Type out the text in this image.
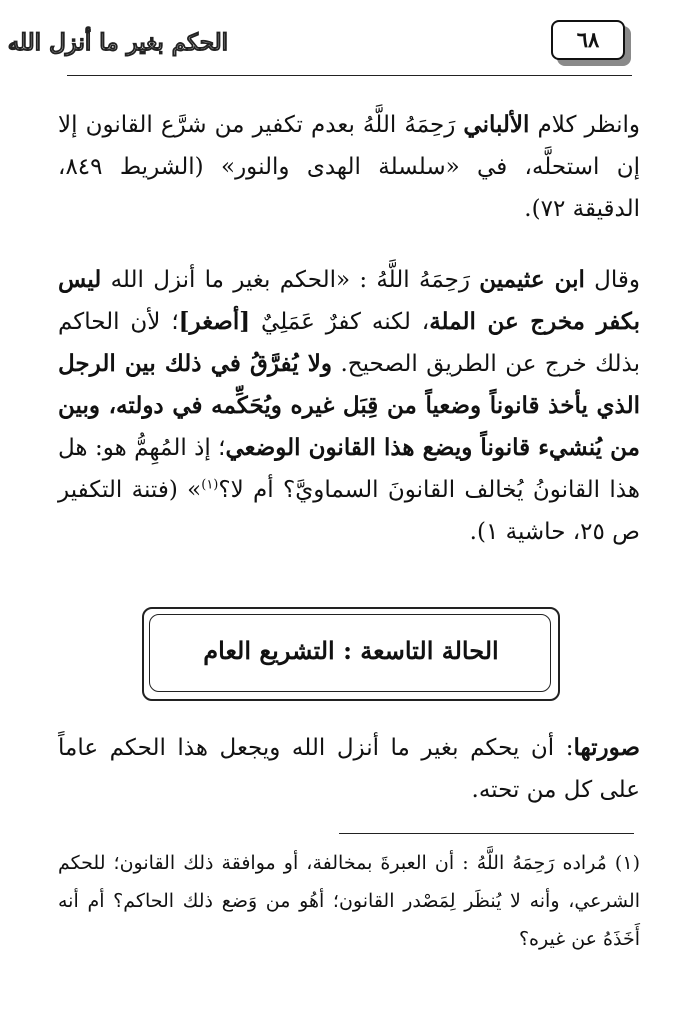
الحكم بغير ما أنزل الله	٦٨

وانظر كلام الألباني رَحِمَهُ اللَّهُ بعدم تكفير من شرَّع القانون إلا إن استحلَّه، في «سلسلة الهدى والنور» (الشريط ٨٤٩، الدقيقة ٧٢).

وقال ابن عثيمين رَحِمَهُ اللَّهُ : «الحكم بغير ما أنزل الله ليس بكفر مخرج عن الملة، لكنه كفرٌ عَمَلِيٌ [أصغر]؛ لأن الحاكم بذلك خرج عن الطريق الصحيح. ولا يُفرَّقُ في ذلك بين الرجل الذي يأخذ قانوناً وضعياً من قِبَل غيره ويُحَكِّمه في دولته، وبين من يُنشيء قانوناً ويضع هذا القانون الوضعي؛ إذ المُهِمُّ هو: هل هذا القانونُ يُخالف القانونَ السماويَّ؟ أم لا؟$^{(١)}$» (فتنة التكفير ص ٢٥، حاشية ١).

الحالة التاسعة : التشريع العام

صورتها: أن يحكم بغير ما أنزل الله ويجعل هذا الحكم عاماً على كل من تحته.

(١) مُراده رَحِمَهُ اللَّهُ : أن العبرةَ بمخالفة، أو موافقة ذلك القانون؛ للحكم الشرعي، وأنه لا يُنظَر لِمَصْدر القانون؛ أهُو من وَضع ذلك الحاكم؟ أم أنه أَخَذَهُ عن غيره؟
